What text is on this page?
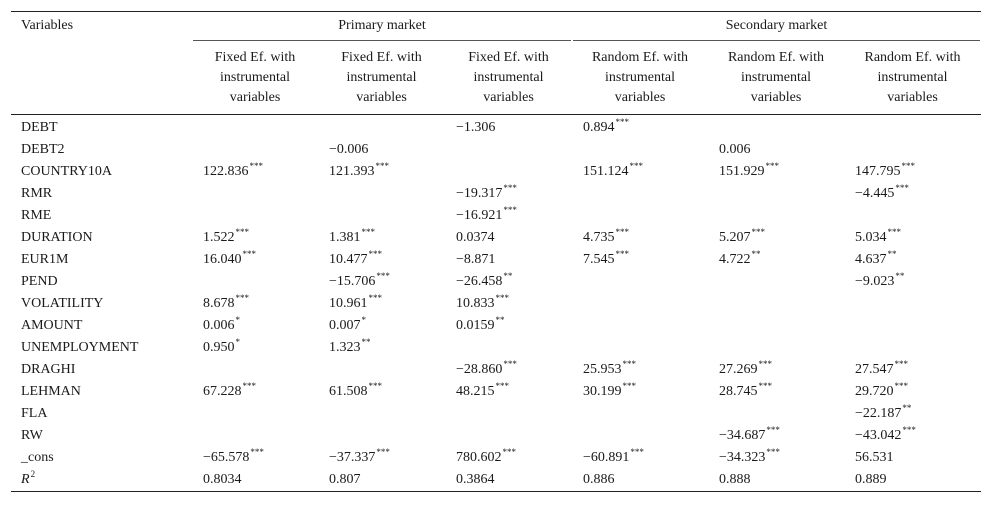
Variables	Primary market			Secondary market		

	Fixed Ef. with
instrumental
variables	Fixed Ef. with
instrumental
variables	Fixed Ef. with
instrumental
variables	Random Ef. with
instrumental
variables	Random Ef. with
instrumental
variables	Random Ef. with
instrumental
variables
DEBT			−1.306	0.894***		
DEBT2		−0.006			0.006	
COUNTRY10A	122.836***	121.393***		151.124***	151.929***	147.795***
RMR			−19.317***			−4.445***
RME			−16.921***			
DURATION	1.522***	1.381***	0.0374	4.735***	5.207***	5.034***
EUR1M	16.040***	10.477***	−8.871	7.545***	4.722**	4.637**
PEND		−15.706***	−26.458**			−9.023**
VOLATILITY	8.678***	10.961***	10.833***			
AMOUNT	0.006*	0.007*	0.0159**			
UNEMPLOYMENT	0.950*	1.323**				
DRAGHI			−28.860***	25.953***	27.269***	27.547***
LEHMAN	67.228***	61.508***	48.215***	30.199***	28.745***	29.720***
FLA						−22.187**
RW					−34.687***	−43.042***
_cons	−65.578***	−37.337***	780.602***	−60.891***	−34.323***	56.531
$R^2$	0.8034	0.807	0.3864	0.886	0.888	0.889
